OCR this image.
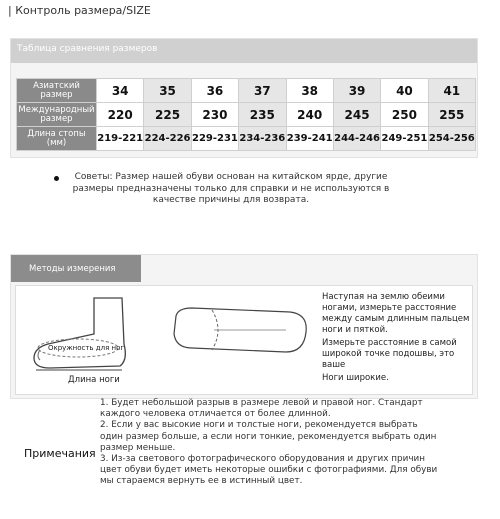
| Контроль размера/SIZE
Таблица сравнения размеров
Азиатский размер	34	35	36	37	38	39	40	41
Международный размер	220	225	230	235	240	245	250	255
Длина стопы (мм)	219-221	224-226	229-231	234-236	239-241	244-246	249-251	254-256
Советы: Размер нашей обуви основан на китайском ярде, другие размеры предназначены только для справки и не используются в качестве причины для возврата.
Методы измерения
Окружность для ног
Длина ноги

Наступая на землю обеими ногами, измерьте расстояние между самым длинным пальцем ноги и пяткой.

Измерьте расстояние в самой широкой точке подошвы, это ваше

Ноги широкие.

Примечания

1. Будет небольшой разрыв в размере левой и правой ног. Стандарт каждого человека отличается от более длинной.

2. Если у вас высокие ноги и толстые ноги, рекомендуется выбрать один размер больше, а если ноги тонкие, рекомендуется выбрать один размер меньше.

3. Из-за светового фотографического оборудования и других причин цвет обуви будет иметь некоторые ошибки с фотографиями. Для обуви мы стараемся вернуть ее в истинный цвет.
